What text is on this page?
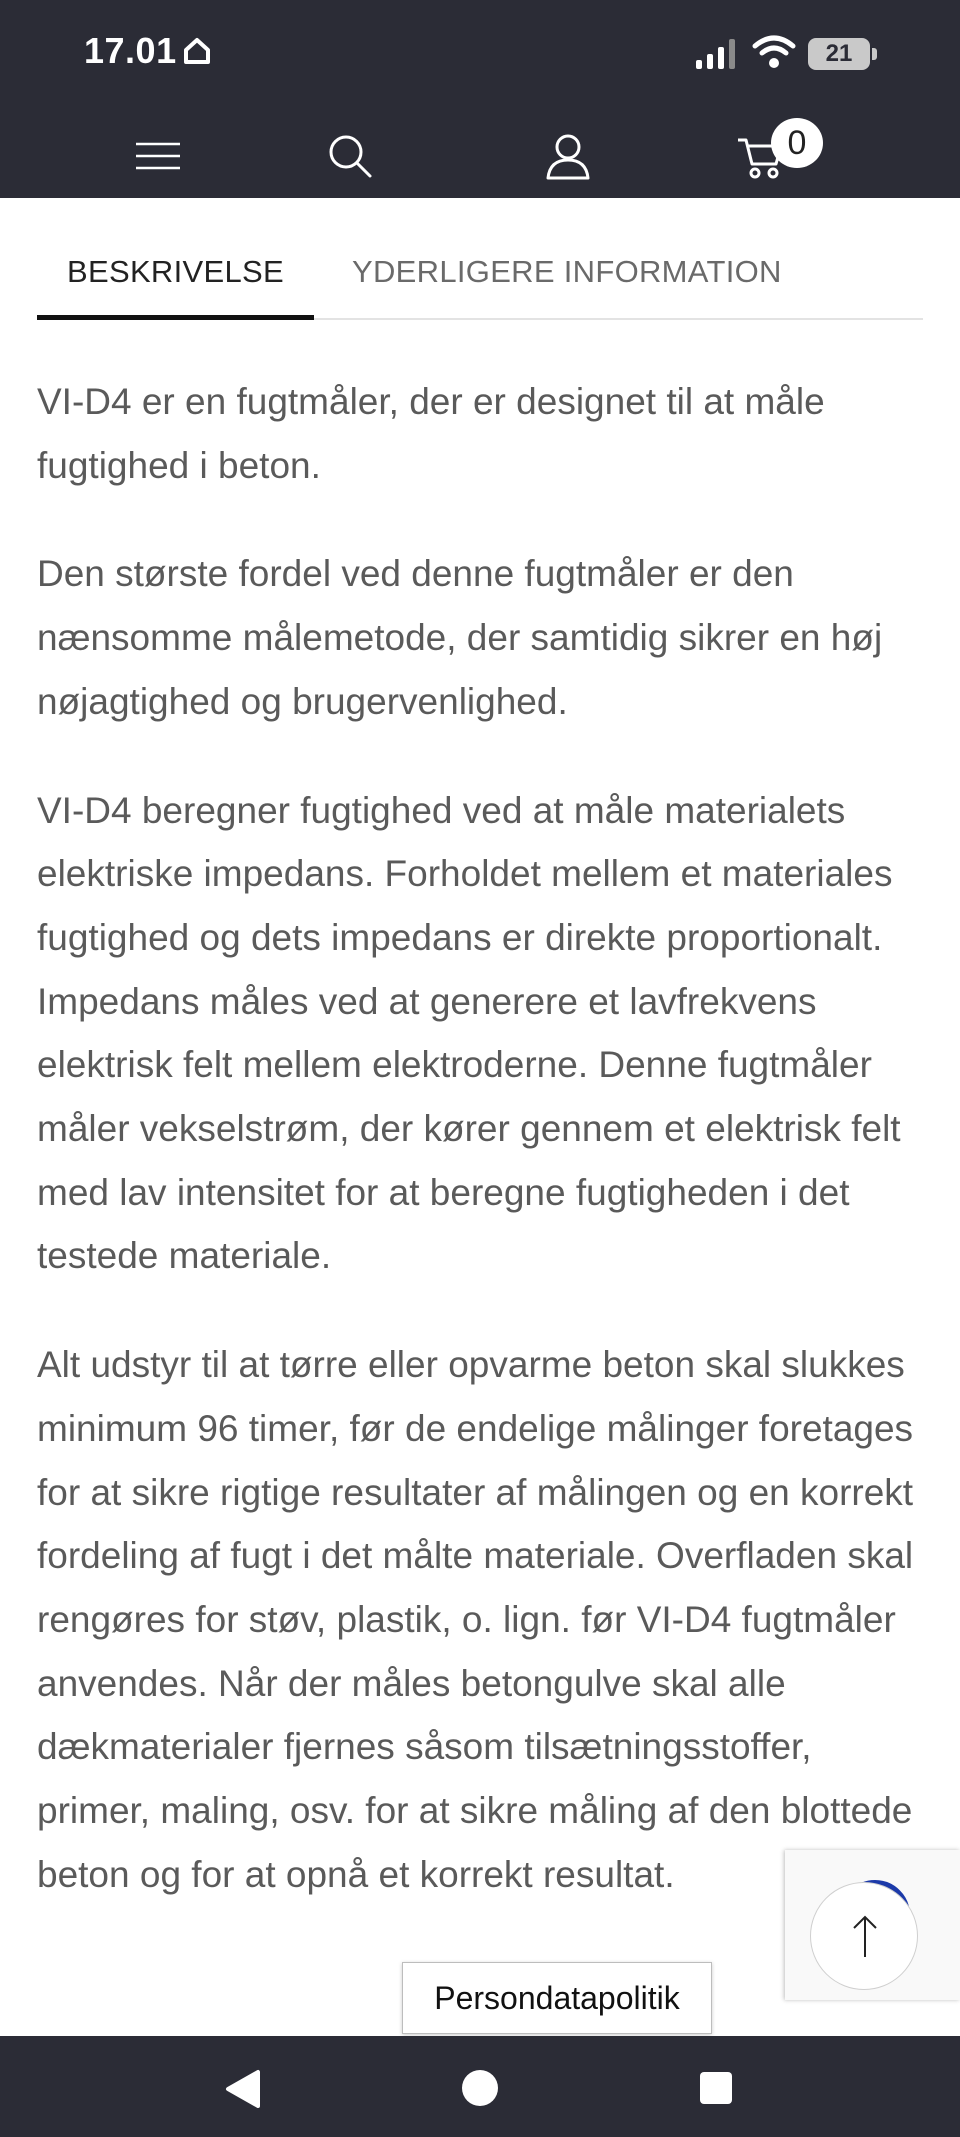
17.01	21
0
BESKRIVELSE	YDERLIGERE INFORMATION

VI-D4 er en fugtmåler, der er designet til at måle fugtighed i beton.

Den største fordel ved denne fugtmåler er den nænsomme målemetode, der samtidig sikrer en høj nøjagtighed og brugervenlighed.

VI-D4 beregner fugtighed ved at måle materialets elektriske impedans. Forholdet mellem et materiales fugtighed og dets impedans er direkte proportionalt. Impedans måles ved at generere et lavfrekvens elektrisk felt mellem elektroderne. Denne fugtmåler måler vekselstrøm, der kører gennem et elektrisk felt med lav intensitet for at beregne fugtigheden i det testede materiale.

Alt udstyr til at tørre eller opvarme beton skal slukkes minimum 96 timer, før de endelige målinger foretages for at sikre rigtige resultater af målingen og en korrekt fordeling af fugt i det målte materiale. Overfladen skal rengøres for støv, plastik, o. lign. før VI-D4 fugtmåler anvendes. Når der måles betongulve skal alle dækmaterialer fjernes såsom tilsætningsstoffer, primer, maling, osv. for at sikre måling af den blottede beton og for at opnå et korrekt resultat.

Persondatapolitik
